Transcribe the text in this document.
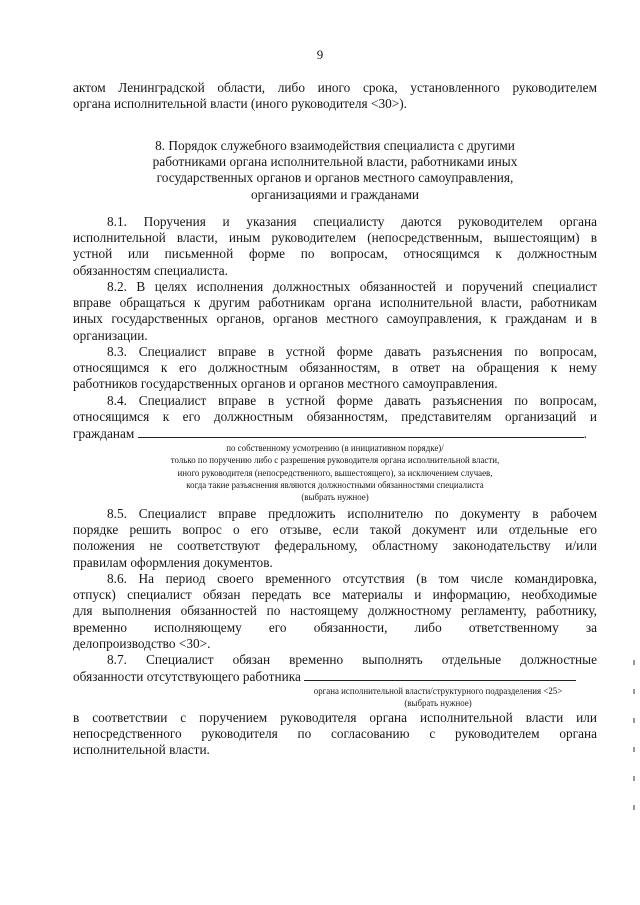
9
актом Ленинградской области, либо иного срока, установленного руководителем
органа исполнительной власти (иного руководителя <30>).
8. Порядок служебного взаимодействия специалиста с другими
работниками органа исполнительной власти, работниками иных
государственных органов и органов местного самоуправления,
организациями и гражданами
8.1. Поручения и указания специалисту даются руководителем органа
исполнительной власти, иным руководителем (непосредственным, вышестоящим) в
устной или письменной форме по вопросам, относящимся к должностным
обязанностям специалиста.
8.2. В целях исполнения должностных обязанностей и поручений специалист
вправе обращаться к другим работникам органа исполнительной власти, работникам
иных государственных органов, органов местного самоуправления, к гражданам и в
организации.
8.3. Специалист вправе в устной форме давать разъяснения по вопросам,
относящимся к его должностным обязанностям, в ответ на обращения к нему
работников государственных органов и органов местного самоуправления.
8.4. Специалист вправе в устной форме давать разъяснения по вопросам,
относящимся к его должностным обязанностям, представителям организаций и
гражданам	.
по собственному усмотрению (в инициативном порядке)/
только по поручению либо с разрешения руководителя органа исполнительной власти,
иного руководителя (непосредственного, вышестоящего), за исключением случаев,
когда такие разъяснения являются должностными обязанностями специалиста
(выбрать нужное)
8.5. Специалист вправе предложить исполнителю по документу в рабочем
порядке решить вопрос о его отзыве, если такой документ или отдельные его
положения не соответствуют федеральному, областному законодательству и/или
правилам оформления документов.
8.6. На период своего временного отсутствия (в том числе командировка,
отпуск) специалист обязан передать все материалы и информацию, необходимые
для выполнения обязанностей по настоящему должностному регламенту, работнику,
временно исполняющему его обязанности, либо ответственному за
делопроизводство <30>.
8.7. Специалист обязан временно выполнять отдельные должностные
обязанности отсутствующего работника
органа исполнительной власти/структурного подразделения <25>
(выбрать нужное)
в соответствии с поручением руководителя органа исполнительной власти или
непосредственного руководителя по согласованию с руководителем органа
исполнительной власти.
